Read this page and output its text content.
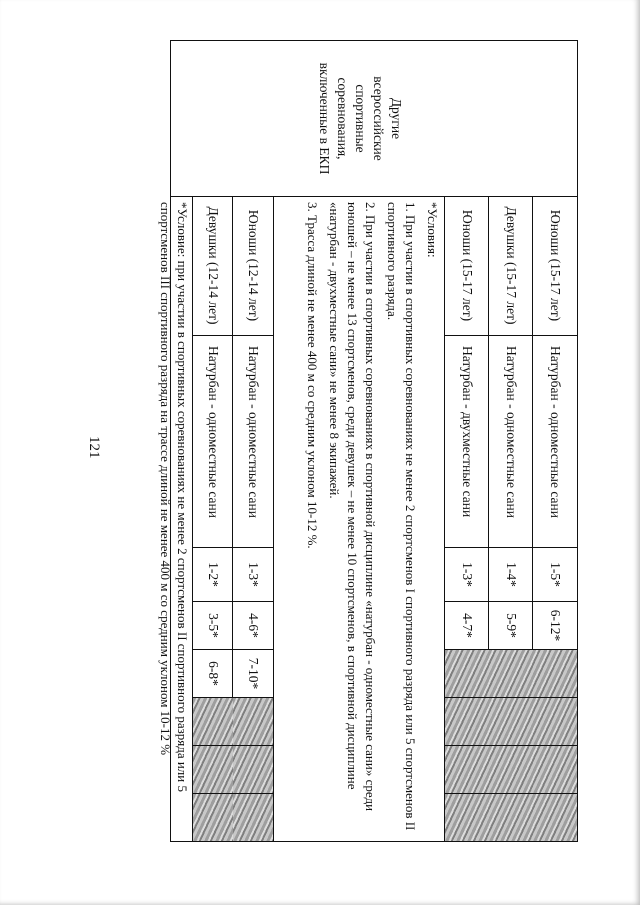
121
Другие всероссийские спортивные соревнования, включенные в ЕКП
Юноши (15-17 лет)
Натурбан - одноместные сани
1-5*
6-12*
Девушки (15-17 лет)
Натурбан - одноместные сани
1-4*
5-9*
Юноши (15-17 лет)
Натурбан - двухместные сани
1-3*
4-7*

*Условия:

1. При участии в спортивных соревнованиях не менее 2 спортсменов I спортивного разряда или 5 спортсменов II спортивного разряда.

2. При участии в спортивных соревнованиях в спортивной дисциплине «натурбан - одноместные сани» среди юношей – не менее 13 спортсменов, среди девушек – не менее 10 спортсменов, в спортивной дисциплине «натурбан - двухместные сани» не менее 8 экипажей.

3. Трасса длиной не менее 400 м со средним уклоном 10-12 %.

Юноши (12-14 лет)
Натурбан - одноместные сани
1-3*
4-6*
7-10*
Девушки (12-14 лет)
Натурбан - одноместные сани
1-2*
3-5*
6-8*
*Условие: при участии в спортивных соревнованиях не менее 2 спортсменов II спортивного разряда или 5 спортсменов III спортивного разряда на трассе длиной не менее 400 м со средним уклоном 10-12 %
